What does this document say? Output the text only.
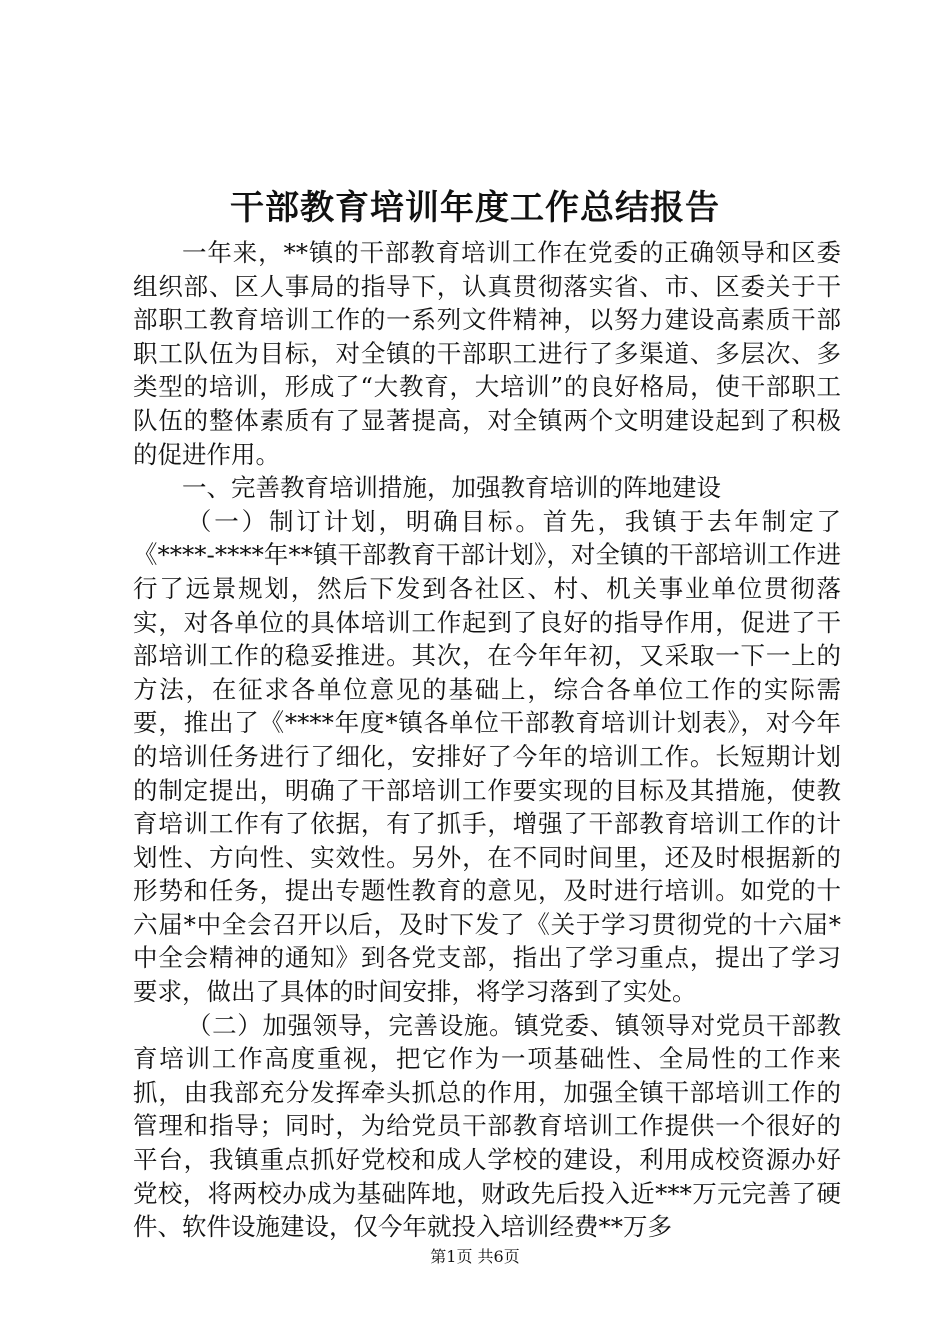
干部教育培训年度工作总结报告

一年来，**镇的干部教育培训工作在党委的正确领导和区委组织部、区人事局的指导下，认真贯彻落实省、市、区委关于干部职工教育培训工作的一系列文件精神，以努力建设高素质干部职工队伍为目标，对全镇的干部职工进行了多渠道、多层次、多类型的培训，形成了“大教育，大培训”的良好格局，使干部职工队伍的整体素质有了显著提高，对全镇两个文明建设起到了积极的促进作用。

一、完善教育培训措施，加强教育培训的阵地建设

（一）制订计划，明确目标。首先，我镇于去年制定了《****-****年**镇干部教育干部计划》，对全镇的干部培训工作进行了远景规划，然后下发到各社区、村、机关事业单位贯彻落实，对各单位的具体培训工作起到了良好的指导作用，促进了干部培训工作的稳妥推进。其次，在今年年初，又采取一下一上的方法，在征求各单位意见的基础上，综合各单位工作的实际需要，推出了《****年度*镇各单位干部教育培训计划表》，对今年的培训任务进行了细化，安排好了今年的培训工作。长短期计划的制定提出，明确了干部培训工作要实现的目标及其措施，使教育培训工作有了依据，有了抓手，增强了干部教育培训工作的计划性、方向性、实效性。另外，在不同时间里，还及时根据新的形势和任务，提出专题性教育的意见，及时进行培训。如党的十六届*中全会召开以后，及时下发了《关于学习贯彻党的十六届*中全会精神的通知》到各党支部，指出了学习重点，提出了学习要求，做出了具体的时间安排，将学习落到了实处。

（二）加强领导，完善设施。镇党委、镇领导对党员干部教育培训工作高度重视，把它作为一项基础性、全局性的工作来抓，由我部充分发挥牵头抓总的作用，加强全镇干部培训工作的管理和指导；同时，为给党员干部教育培训工作提供一个很好的平台，我镇重点抓好党校和成人学校的建设，利用成校资源办好党校，将两校办成为基础阵地，财政先后投入近***万元完善了硬件、软件设施建设，仅今年就投入培训经费**万多

第1页 共6页
